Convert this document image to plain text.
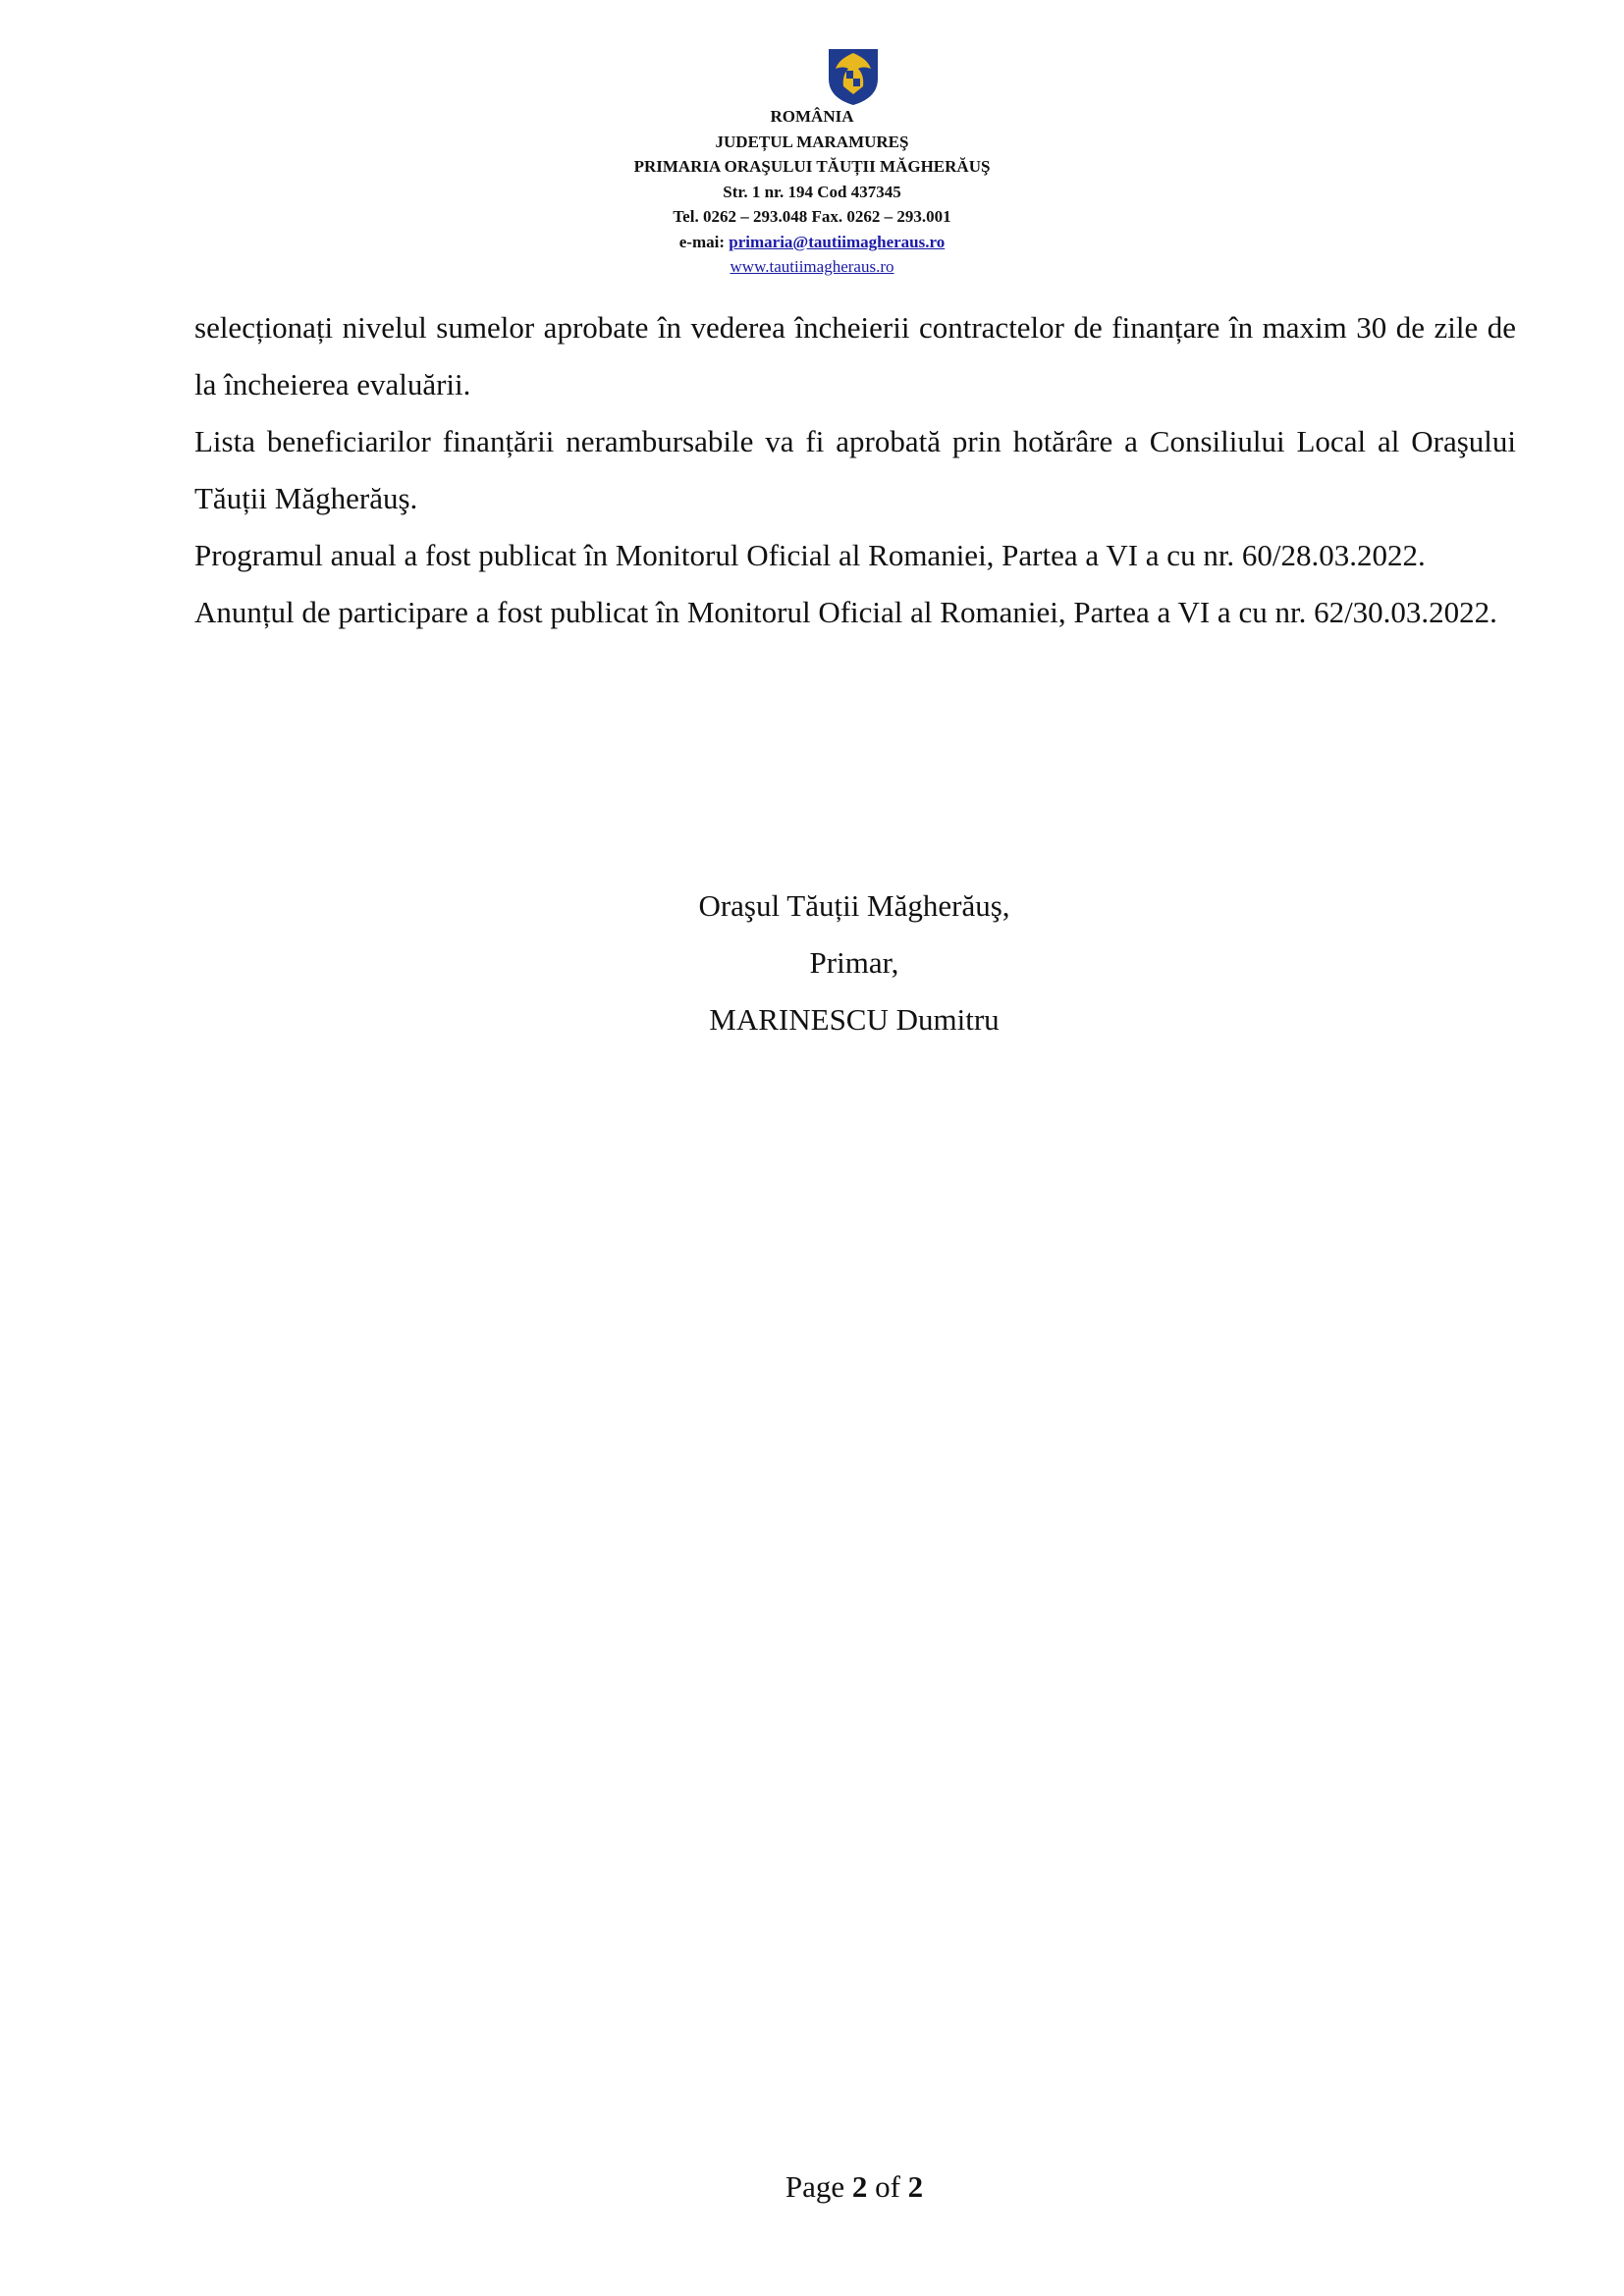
ROMÂNIA
JUDEȚUL MARAMUREŞ
PRIMARIA ORAŞULUI TĂUȚII MĂGHERĂUŞ
Str. 1 nr. 194 Cod 437345
Tel. 0262 – 293.048 Fax. 0262 – 293.001
e-mai: primaria@tautiimagheraus.ro
www.tautiimagheraus.ro

selecționați nivelul sumelor aprobate în vederea încheierii contractelor de finanțare în maxim 30 de zile de la încheierea evaluării.

Lista beneficiarilor finanțării nerambursabile va fi aprobată prin hotărâre a Consiliului Local al Oraşului Tăuții Măgherăuş.

Programul anual a fost publicat în Monitorul Oficial al Romaniei, Partea a VI a cu nr. 60/28.03.2022.

Anunțul de participare a fost publicat în Monitorul Oficial al Romaniei, Partea a VI a cu nr. 62/30.03.2022.

Oraşul Tăuții Măgherăuş,
Primar,
MARINESCU Dumitru
Page 2 of 2
